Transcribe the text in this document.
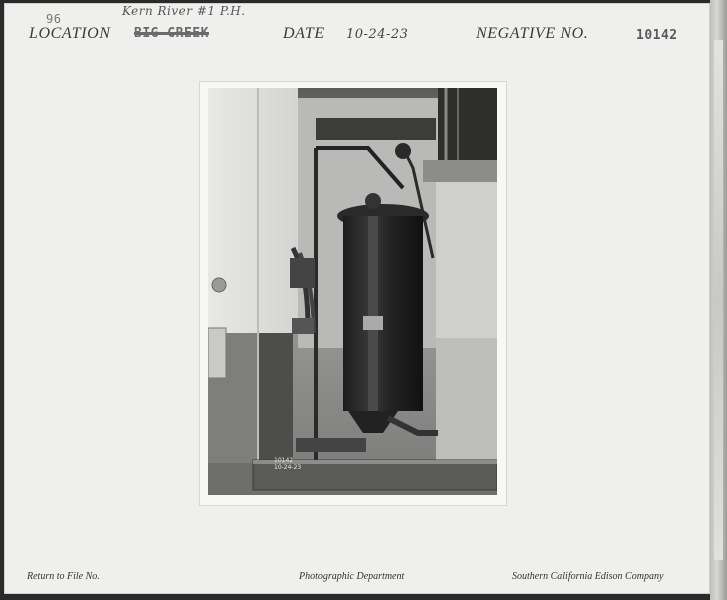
96
Kern River #1 P.H.
LOCATION BIG CREEK	DATE 10-24-23	NEGATIVE NO.	10142
10142
10-24-23
Return to File No.	Photographic Department	Southern California Edison Company
